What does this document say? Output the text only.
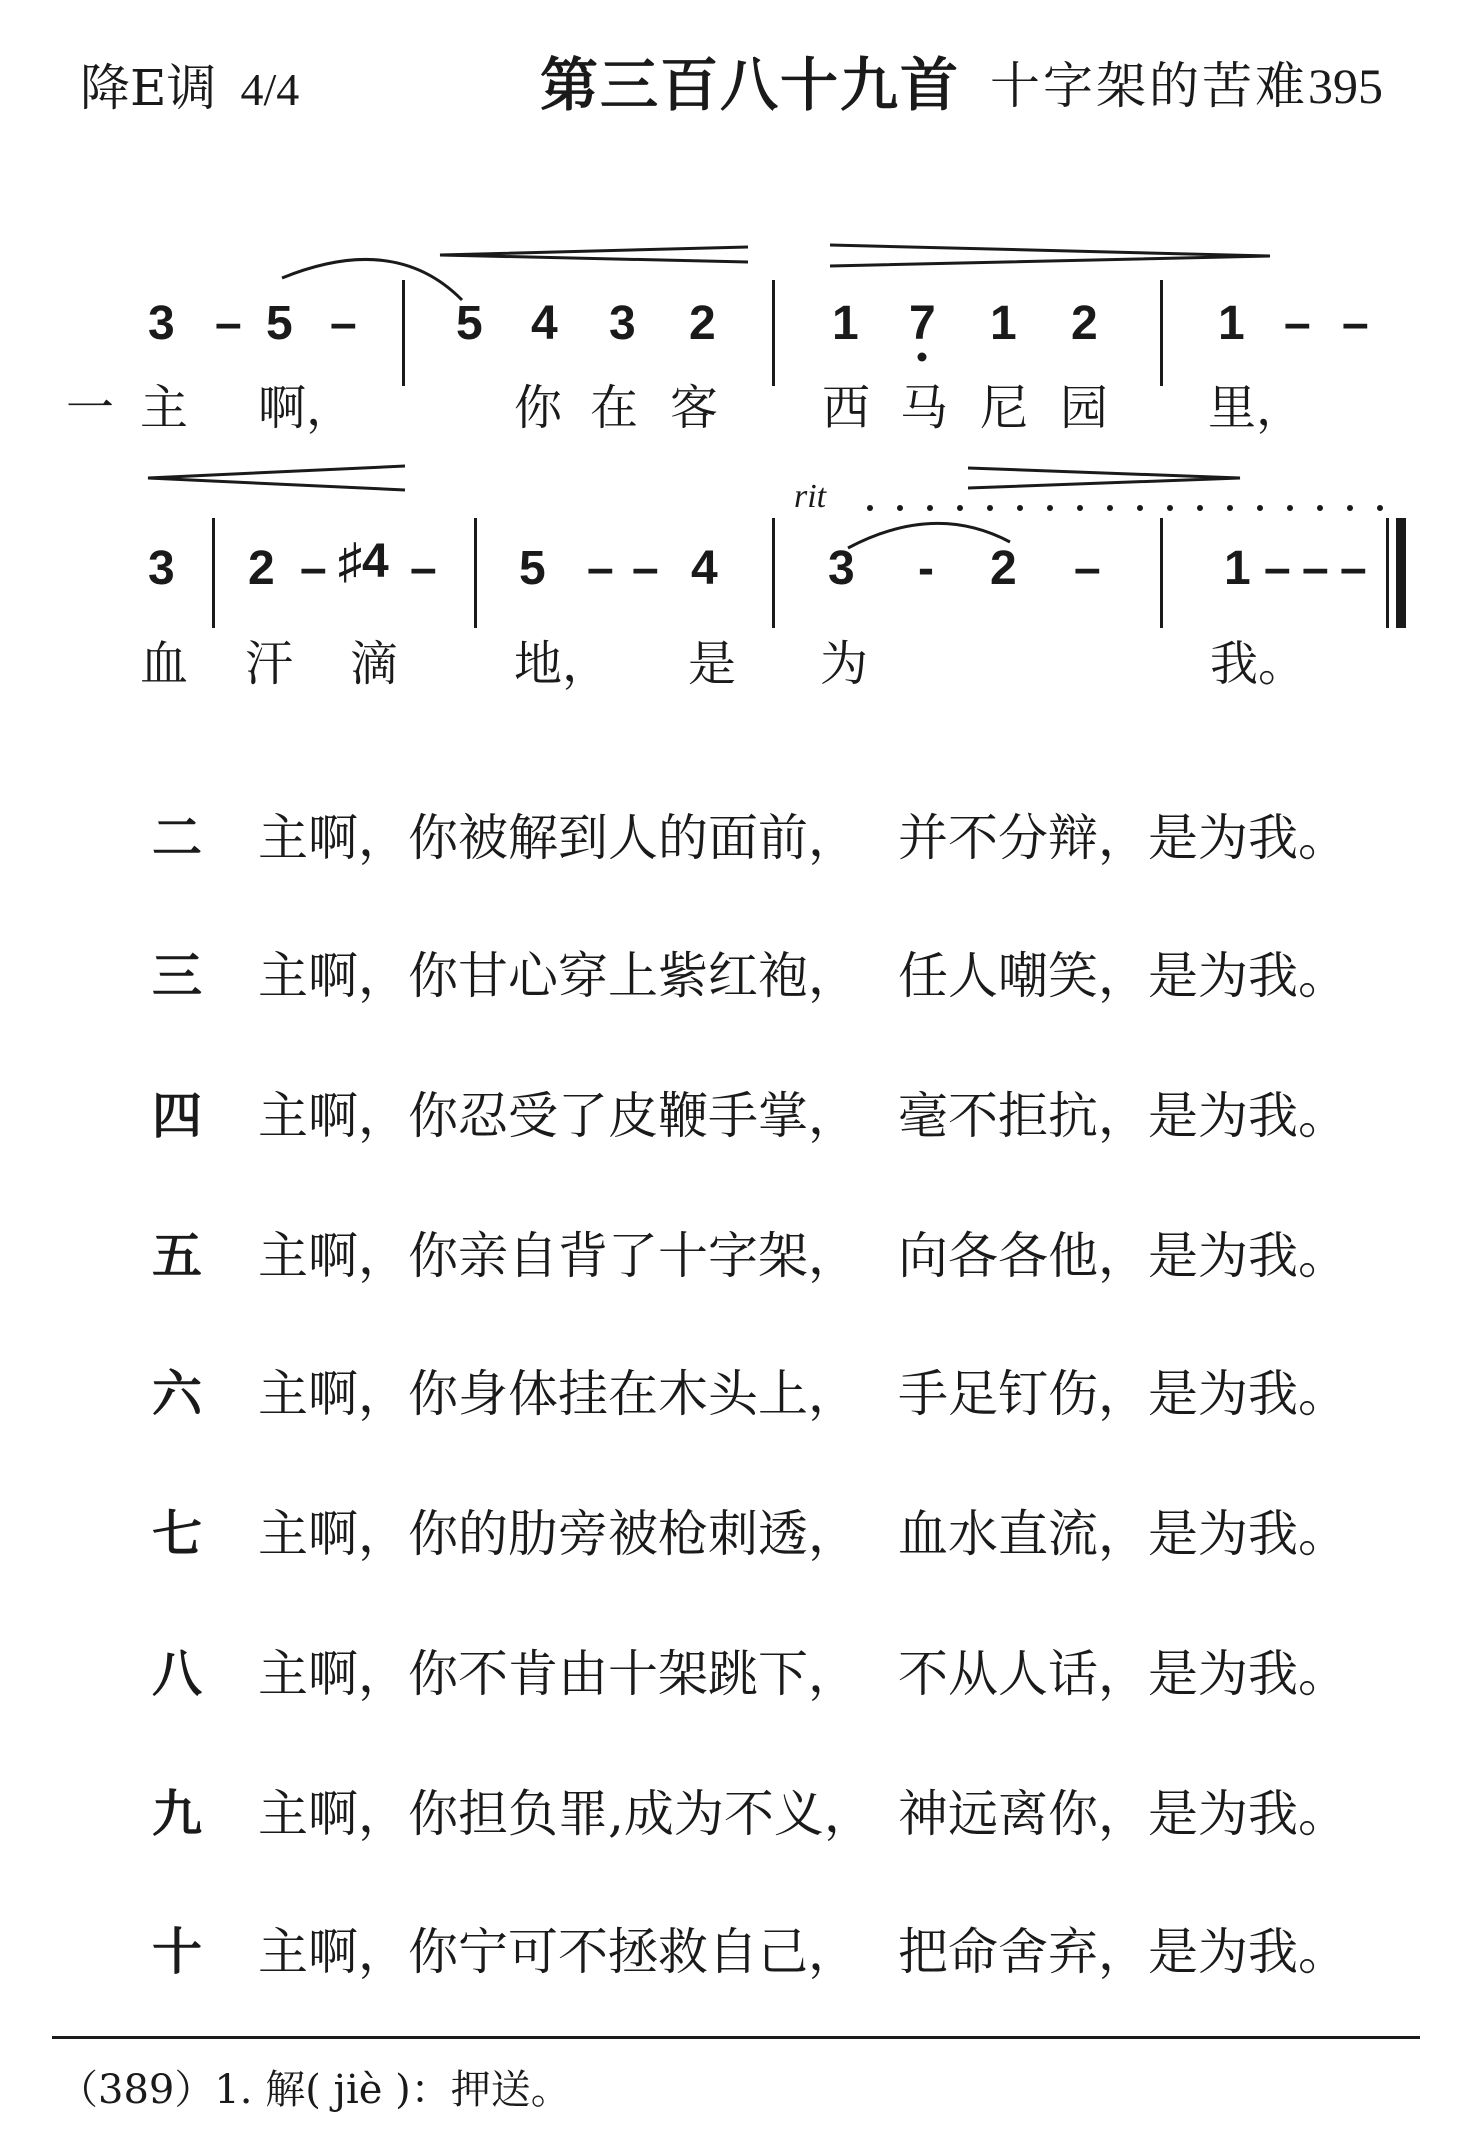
降E调 4/4	第三百八十九首 十字架的苦难395
3 – 5 – 5 4 3 2 1 7 1 2	1 – –
一 主 啊，	你 在 客 西 马 尼 园 里，
rit
3 2 – ♯4 – 5 – – 4 3 - 2 –	1 – – –
血 汗 滴 地， 是 为	我。
二 主啊，你被解到人的面前， 并不分辩，是为我。
三 主啊，你甘心穿上紫红袍， 任人嘲笑，是为我。
四 主啊，你忍受了皮鞭手掌， 毫不拒抗，是为我。
五 主啊，你亲自背了十字架， 向各各他，是为我。
六 主啊，你身体挂在木头上， 手足钉伤，是为我。
七 主啊，你的肋旁被枪刺透， 血水直流，是为我。
八 主啊，你不肯由十架跳下， 不从人话，是为我。
九 主啊，你担负罪,成为不义， 神远离你，是为我。
十 主啊，你宁可不拯救自己， 把命舍弃，是为我。
（389）1. 解( jiè )：押送。
